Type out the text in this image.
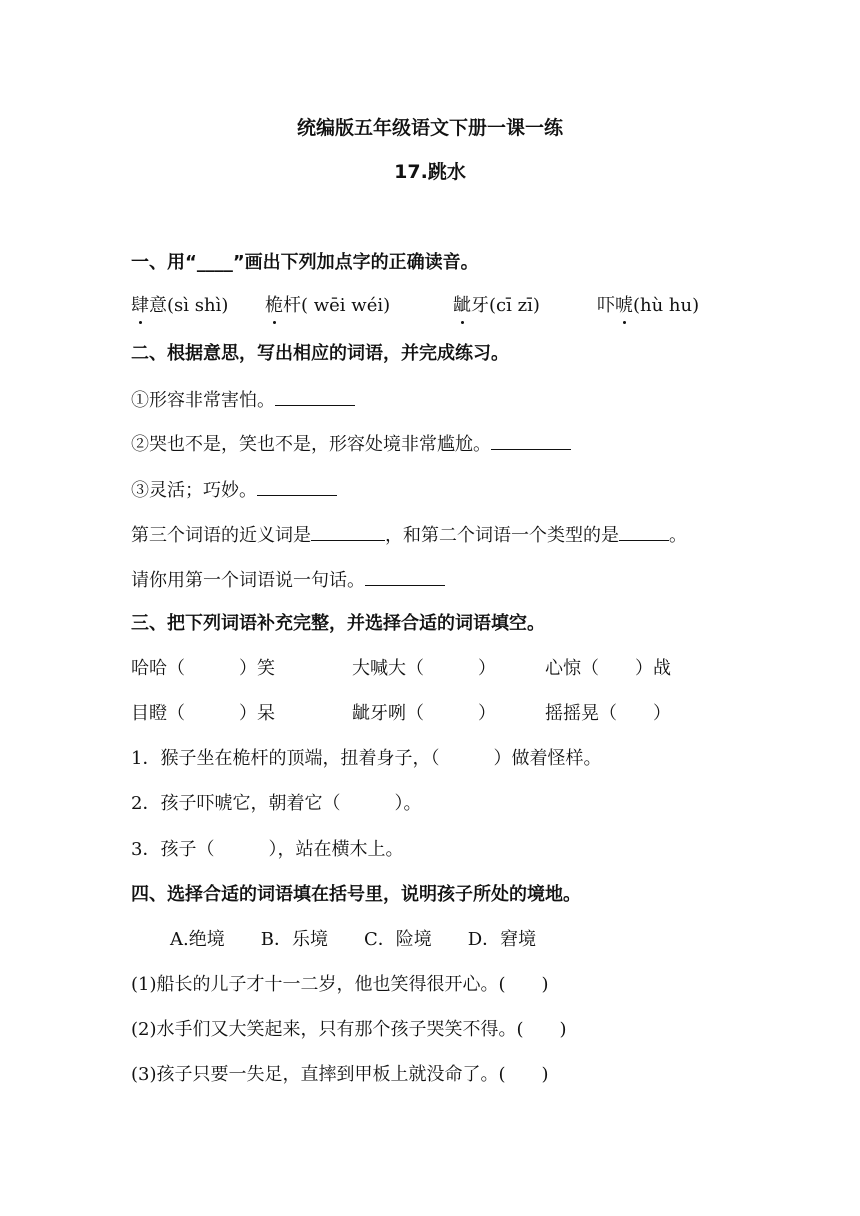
统编版五年级语文下册一课一练
17.跳水
一、用“____”画出下列加点字的正确读音。
肆意(sì shì) 桅杆( wēi wéi)	龇牙(cī zī)	吓唬(hù hu)
二、根据意思，写出相应的词语，并完成练习。
①形容非常害怕。
②哭也不是，笑也不是，形容处境非常尴尬。
③灵活；巧妙。
第三个词语的近义词是	，和第二个词语一个类型的是	。
请你用第一个词语说一句话。
三、把下列词语补充完整，并选择合适的词语填空。
哈哈（　　　）笑	大喊大（　　　）	心惊（　　）战
目瞪（　　　）呆	龇牙咧（　　　）	摇摇晃（　　）
1．猴子坐在桅杆的顶端，扭着身子，（　　　）做着怪样。
2．孩子吓唬它，朝着它（　　　）。
3．孩子（　　　），站在横木上。
四、选择合适的词语填在括号里，说明孩子所处的境地。
A.绝境　　B．乐境　　C．险境　　D．窘境
(1)船长的儿子才十一二岁，他也笑得很开心。(　　)
(2)水手们又大笑起来，只有那个孩子哭笑不得。(　　)
(3)孩子只要一失足，直摔到甲板上就没命了。(　　)
